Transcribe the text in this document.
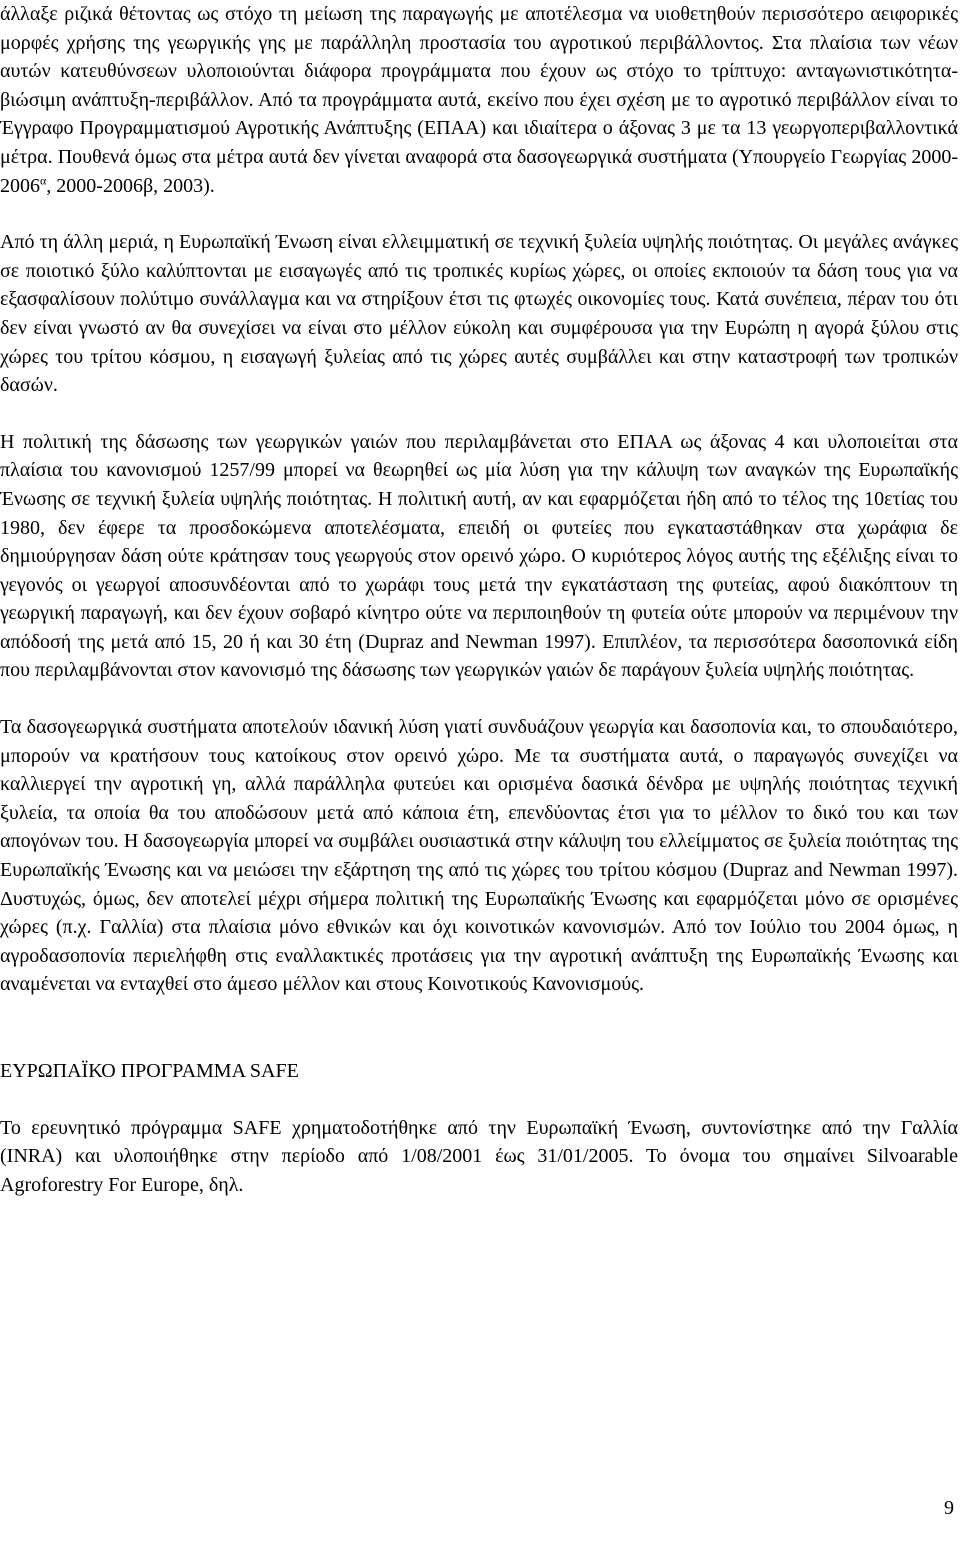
άλλαξε ριζικά θέτοντας ως στόχο τη μείωση της παραγωγής με αποτέλεσμα να υιοθετηθούν περισσότερο αειφορικές μορφές χρήσης της γεωργικής γης με παράλληλη προστασία του αγροτικού περιβάλλοντος. Στα πλαίσια των νέων αυτών κατευθύνσεων υλοποιούνται διάφορα προγράμματα που έχουν ως στόχο το τρίπτυχο: ανταγωνιστικότητα-βιώσιμη ανάπτυξη-περιβάλλον. Από τα προγράμματα αυτά, εκείνο που έχει σχέση με το αγροτικό περιβάλλον είναι το Έγγραφο Προγραμματισμού Αγροτικής Ανάπτυξης (ΕΠΑΑ) και ιδιαίτερα ο άξονας 3 με τα 13 γεωργοπεριβαλλοντικά μέτρα. Πουθενά όμως στα μέτρα αυτά δεν γίνεται αναφορά στα δασογεωργικά συστήματα (Υπουργείο Γεωργίας $2000-2006^\alpha$, 2000-2006β, 2003).

Από τη άλλη μεριά, η Ευρωπαϊκή Ένωση είναι ελλειμματική σε τεχνική ξυλεία υψηλής ποιότητας. Οι μεγάλες ανάγκες σε ποιοτικό ξύλο καλύπτονται με εισαγωγές από τις τροπικές κυρίως χώρες, οι οποίες εκποιούν τα δάση τους για να εξασφαλίσουν πολύτιμο συνάλλαγμα και να στηρίξουν έτσι τις φτωχές οικονομίες τους. Κατά συνέπεια, πέραν του ότι δεν είναι γνωστό αν θα συνεχίσει να είναι στο μέλλον εύκολη και συμφέρουσα για την Ευρώπη η αγορά ξύλου στις χώρες του τρίτου κόσμου, η εισαγωγή ξυλείας από τις χώρες αυτές συμβάλλει και στην καταστροφή των τροπικών δασών.

Η πολιτική της δάσωσης των γεωργικών γαιών που περιλαμβάνεται στο ΕΠΑΑ ως άξονας 4 και υλοποιείται στα πλαίσια του κανονισμού 1257/99 μπορεί να θεωρηθεί ως μία λύση για την κάλυψη των αναγκών της Ευρωπαϊκής Ένωσης σε τεχνική ξυλεία υψηλής ποιότητας. Η πολιτική αυτή, αν και εφαρμόζεται ήδη από το τέλος της 10ετίας του 1980, δεν έφερε τα προσδοκώμενα αποτελέσματα, επειδή οι φυτείες που εγκαταστάθηκαν στα χωράφια δε δημιούργησαν δάση ούτε κράτησαν τους γεωργούς στον ορεινό χώρο. Ο κυριότερος λόγος αυτής της εξέλιξης είναι το γεγονός οι γεωργοί αποσυνδέονται από το χωράφι τους μετά την εγκατάσταση της φυτείας, αφού διακόπτουν τη γεωργική παραγωγή, και δεν έχουν σοβαρό κίνητρο ούτε να περιποιηθούν τη φυτεία ούτε μπορούν να περιμένουν την απόδοσή της μετά από 15, 20 ή και 30 έτη (Dupraz and Newman 1997). Επιπλέον, τα περισσότερα δασοπονικά είδη που περιλαμβάνονται στον κανονισμό της δάσωσης των γεωργικών γαιών δε παράγουν ξυλεία υψηλής ποιότητας.

Τα δασογεωργικά συστήματα αποτελούν ιδανική λύση γιατί συνδυάζουν γεωργία και δασοπονία και, το σπουδαιότερο, μπορούν να κρατήσουν τους κατοίκους στον ορεινό χώρο. Με τα συστήματα αυτά, ο παραγωγός συνεχίζει να καλλιεργεί την αγροτική γη, αλλά παράλληλα φυτεύει και ορισμένα δασικά δένδρα με υψηλής ποιότητας τεχνική ξυλεία, τα οποία θα του αποδώσουν μετά από κάποια έτη, επενδύοντας έτσι για το μέλλον το δικό του και των απογόνων του. Η δασογεωργία μπορεί να συμβάλει ουσιαστικά στην κάλυψη του ελλείμματος σε ξυλεία ποιότητας της Ευρωπαϊκής Ένωσης και να μειώσει την εξάρτηση της από τις χώρες του τρίτου κόσμου (Dupraz and Newman 1997). Δυστυχώς, όμως, δεν αποτελεί μέχρι σήμερα πολιτική της Ευρωπαϊκής Ένωσης και εφαρμόζεται μόνο σε ορισμένες χώρες (π.χ. Γαλλία) στα πλαίσια μόνο εθνικών και όχι κοινοτικών κανονισμών. Από τον Ιούλιο του 2004 όμως, η αγροδασοπονία περιελήφθη στις εναλλακτικές προτάσεις για την αγροτική ανάπτυξη της Ευρωπαϊκής Ένωσης και αναμένεται να ενταχθεί στο άμεσο μέλλον και στους Κοινοτικούς Κανονισμούς.

ΕΥΡΩΠΑΪΚΟ ΠΡΟΓΡΑΜΜΑ SAFE

Το ερευνητικό πρόγραμμα SAFE χρηματοδοτήθηκε από την Ευρωπαϊκή Ένωση, συντονίστηκε από την Γαλλία (INRA) και υλοποιήθηκε στην περίοδο από 1/08/2001 έως 31/01/2005. Το όνομα του σημαίνει Silvoarable Agroforestry For Europe, δηλ.

9
